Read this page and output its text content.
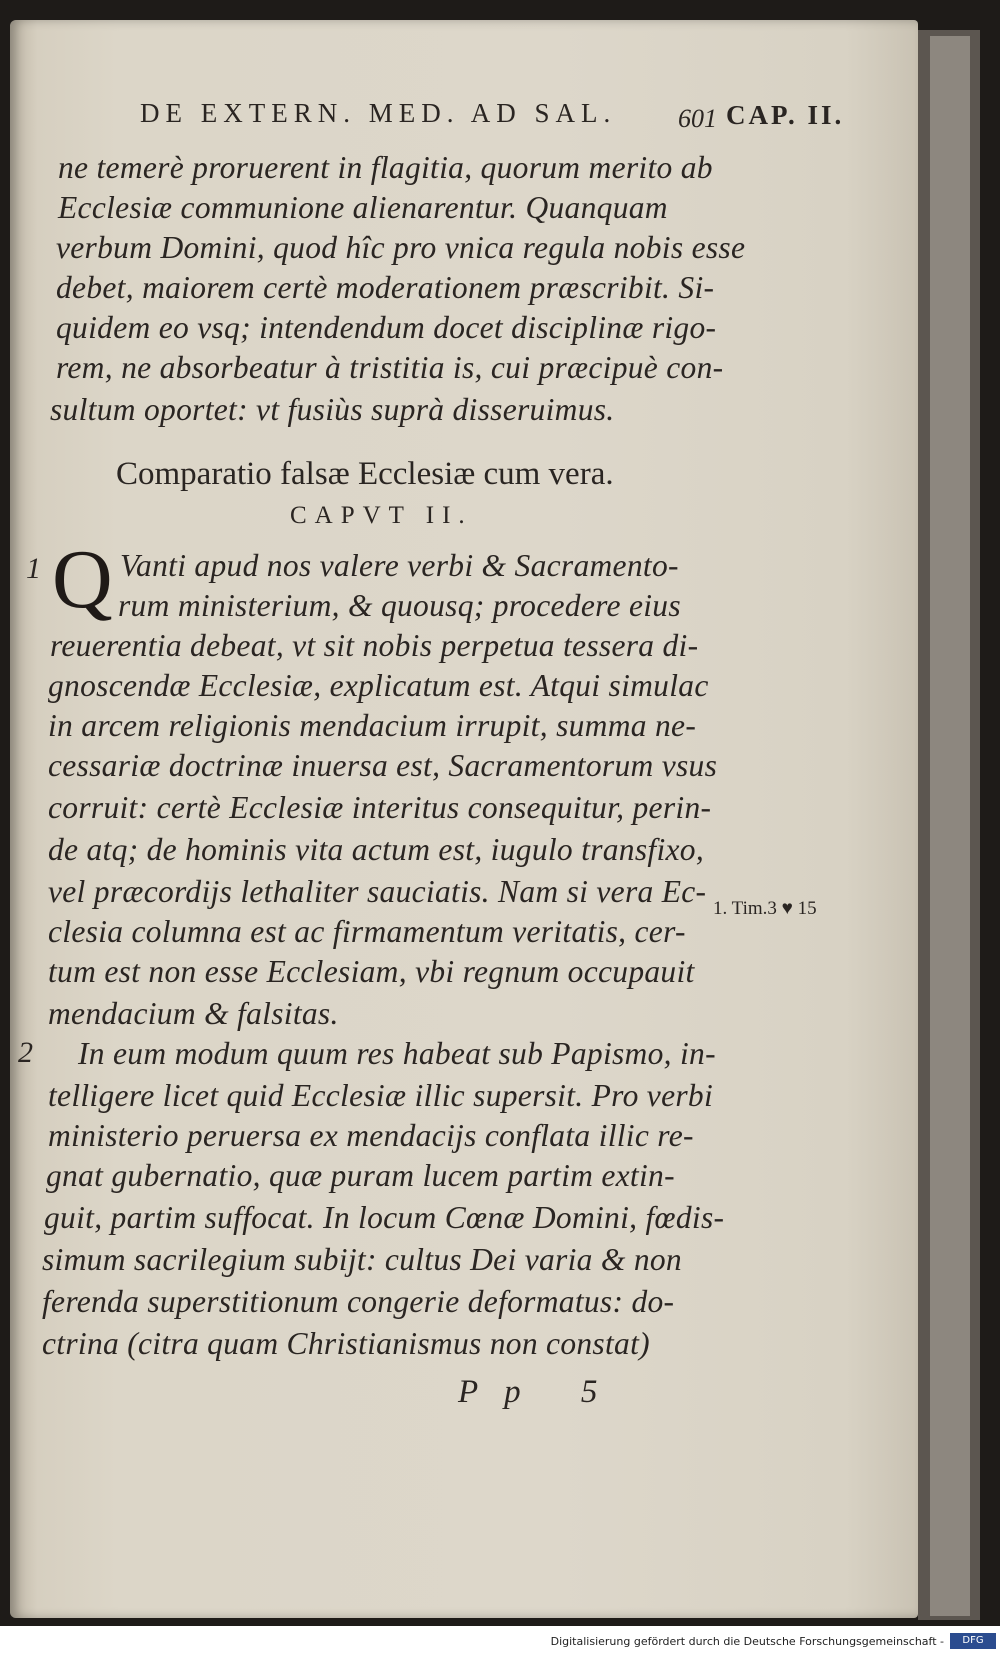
DE EXTERN. MED. AD SAL. 601 CAP. II.
ne temerè proruerent in flagitia, quorum merito ab
Ecclesiæ communione alienarentur. Quanquam
verbum Domini, quod hîc pro vnica regula nobis esse
debet, maiorem certè moderationem præscribit. Si-
quidem eo vsq; intendendum docet disciplinæ rigo-
rem, ne absorbeatur à tristitia is, cui præcipuè con-
sultum oportet: vt fusiùs suprà disseruimus.
Comparatio falsæ Ecclesiæ cum vera.
CAPVT II.
1 Q Vanti apud nos valere verbi & Sacramento-
rum ministerium, & quousq; procedere eius
reuerentia debeat, vt sit nobis perpetua tessera di-
gnoscendæ Ecclesiæ, explicatum est. Atqui simulac
in arcem religionis mendacium irrupit, summa ne-
cessariæ doctrinæ inuersa est, Sacramentorum vsus
corruit: certè Ecclesiæ interitus consequitur, perin-
de atq; de hominis vita actum est, iugulo transfixo,
vel præcordijs lethaliter sauciatis. Nam si vera Ec-
clesia columna est ac firmamentum veritatis, cer-
tum est non esse Ecclesiam, vbi regnum occupauit
mendacium & falsitas.
1. Tim.3 ♥ 15
2 In eum modum quum res habeat sub Papismo, in-
telligere licet quid Ecclesiæ illic supersit. Pro verbi
ministerio peruersa ex mendacijs conflata illic re-
gnat gubernatio, quæ puram lucem partim extin-
guit, partim suffocat. In locum Cœnæ Domini, fœdis-
simum sacrilegium subijt: cultus Dei varia & non
ferenda superstitionum congerie deformatus: do-
ctrina (citra quam Christianismus non constat)
Pp 5
Digitalisierung gefördert durch die Deutsche Forschungsgemeinschaft -	DFG
